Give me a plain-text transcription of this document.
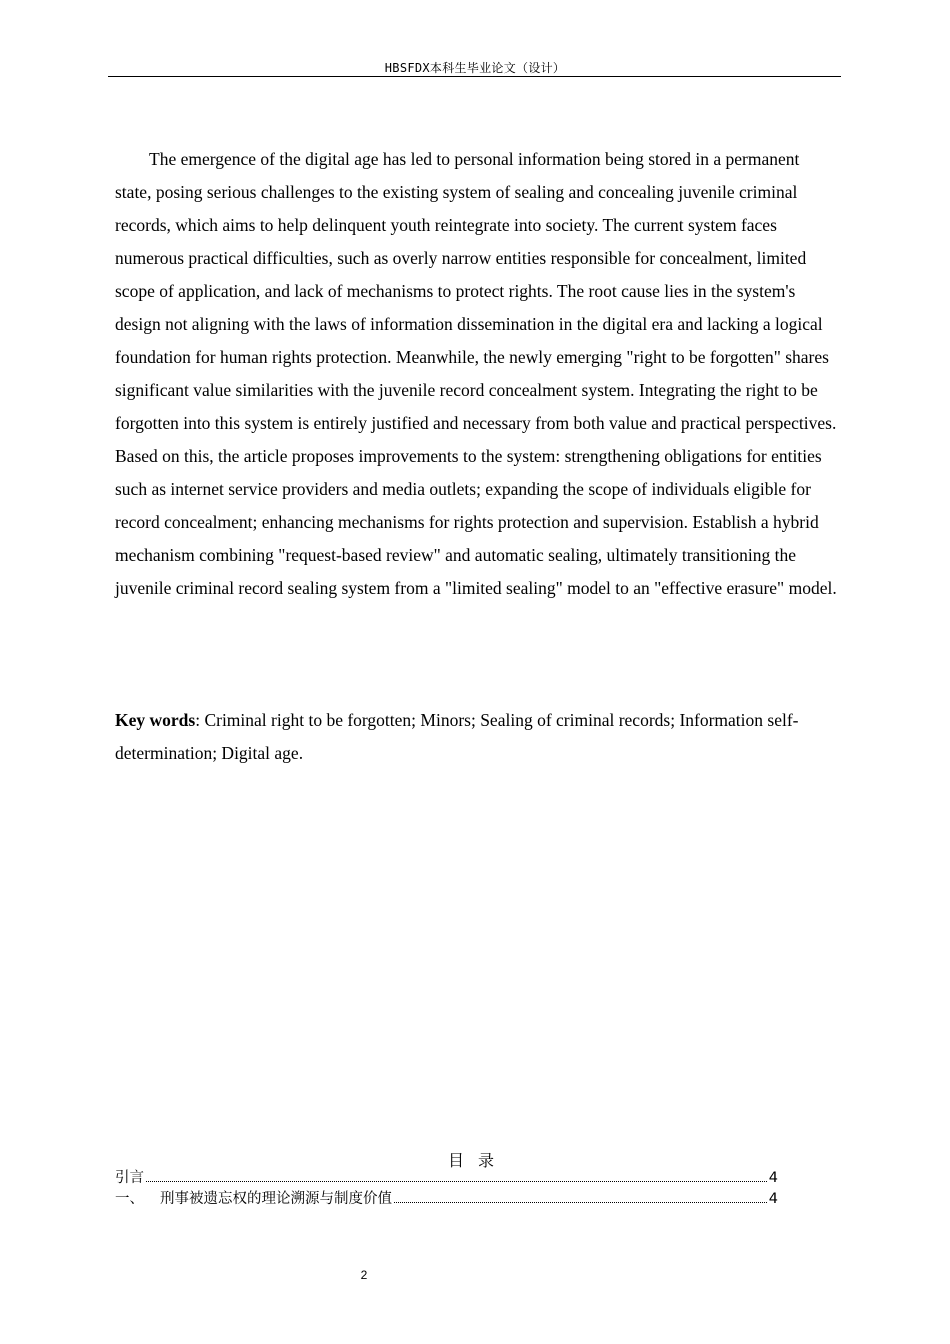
HBSFDX本科生毕业论文（设计）

The emergence of the digital age has led to personal information being stored in a permanent state, posing serious challenges to the existing system of sealing and concealing juvenile criminal records, which aims to help delinquent youth reintegrate into society. The current system faces numerous practical difficulties, such as overly narrow entities responsible for concealment, limited scope of application, and lack of mechanisms to protect rights. The root cause lies in the system's design not aligning with the laws of information dissemination in the digital era and lacking a logical foundation for human rights protection. Meanwhile, the newly emerging "right to be forgotten" shares significant value similarities with the juvenile record concealment system. Integrating the right to be forgotten into this system is entirely justified and necessary from both value and practical perspectives. Based on this, the article proposes improvements to the system: strengthening obligations for entities such as internet service providers and media outlets; expanding the scope of individuals eligible for record concealment; enhancing mechanisms for rights protection and supervision. Establish a hybrid mechanism combining "request-based review" and automatic sealing, ultimately transitioning the juvenile criminal record sealing system from a "limited sealing" model to an "effective erasure" model.

Key words: Criminal right to be forgotten; Minors; Sealing of criminal records; Information self-determination; Digital age.

目录
引言	4
一、 刑事被遗忘权的理论溯源与制度价值	4
2
